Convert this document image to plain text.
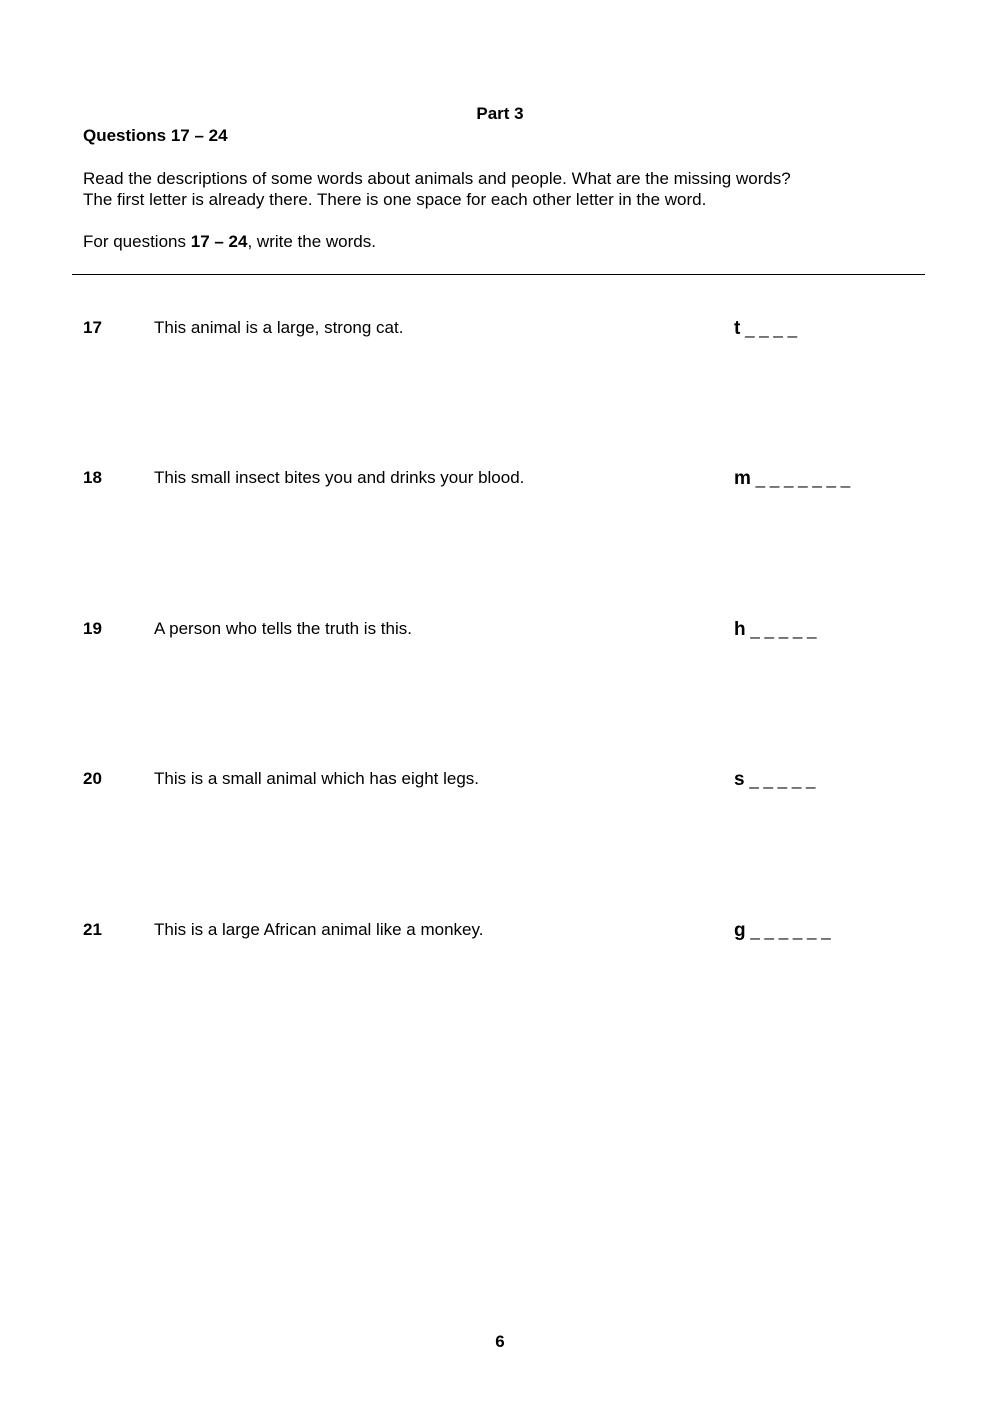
Part 3
Questions 17 – 24
Read the descriptions of some words about animals and people. What are the missing words?
The first letter is already there. There is one space for each other letter in the word.
For questions 17 – 24, write the words.
17	This animal is a large, strong cat.	t _ _ _ _
18	This small insect bites you and drinks your blood.	m _ _ _ _ _ _ _
19	A person who tells the truth is this.	h _ _ _ _ _
20	This is a small animal which has eight legs.	s _ _ _ _ _
21	This is a large African animal like a monkey.	g _ _ _ _ _ _
6
